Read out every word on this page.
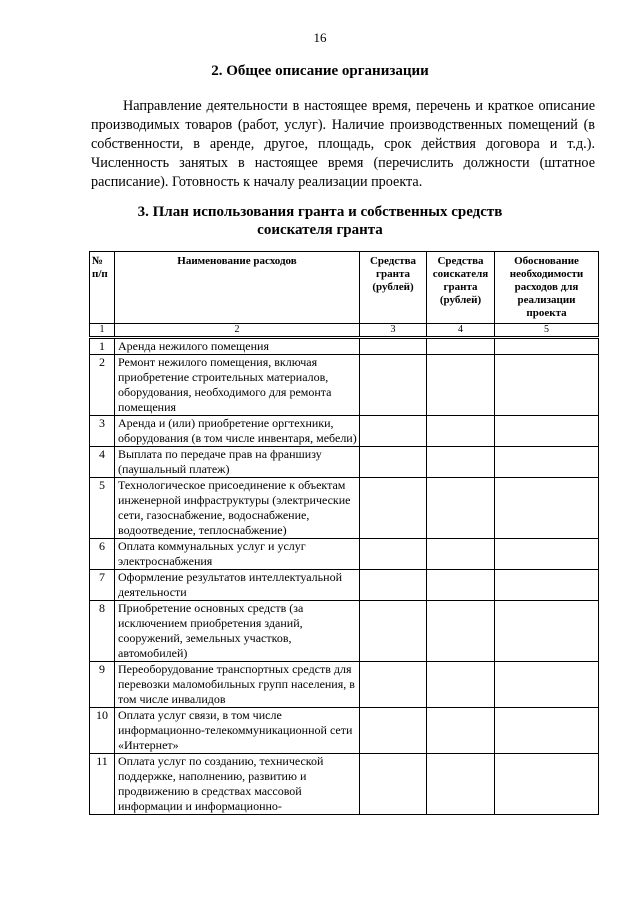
16
2. Общее описание организации

Направление деятельности в настоящее время, перечень и краткое описание производимых товаров (работ, услуг). Наличие производственных помещений (в собственности, в аренде, другое, площадь, срок действия договора и т.д.). Численность занятых в настоящее время (перечислить должности (штатное расписание). Готовность к началу реализации проекта.

3. План использования гранта и собственных средств
соискателя гранта
№ п/п	Наименование расходов	Средства гранта (рублей)	Средства соискателя гранта (рублей)	Обоснование необходимости расходов для реализации проекта
1	2	3	4	5
1	Аренда нежилого помещения			
2	Ремонт нежилого помещения, включая приобретение строительных материалов, оборудования, необходимого для ремонта помещения			
3	Аренда и (или) приобретение оргтехники, оборудования (в том числе инвентаря, мебели)			
4	Выплата по передаче прав на франшизу (паушальный платеж)			
5	Технологическое присоединение к объектам инженерной инфраструктуры (электрические сети, газоснабжение, водоснабжение, водоотведение, теплоснабжение)			
6	Оплата коммунальных услуг и услуг электроснабжения			
7	Оформление результатов интеллектуальной деятельности			
8	Приобретение основных средств (за исключением приобретения зданий, сооружений, земельных участков, автомобилей)			
9	Переоборудование транспортных средств для перевозки маломобильных групп населения, в том числе инвалидов			
10	Оплата услуг связи, в том числе информационно-телекоммуникационной сети «Интернет»			
11	Оплата услуг по созданию, технической поддержке, наполнению, развитию и продвижению в средствах массовой информации и информационно-			
